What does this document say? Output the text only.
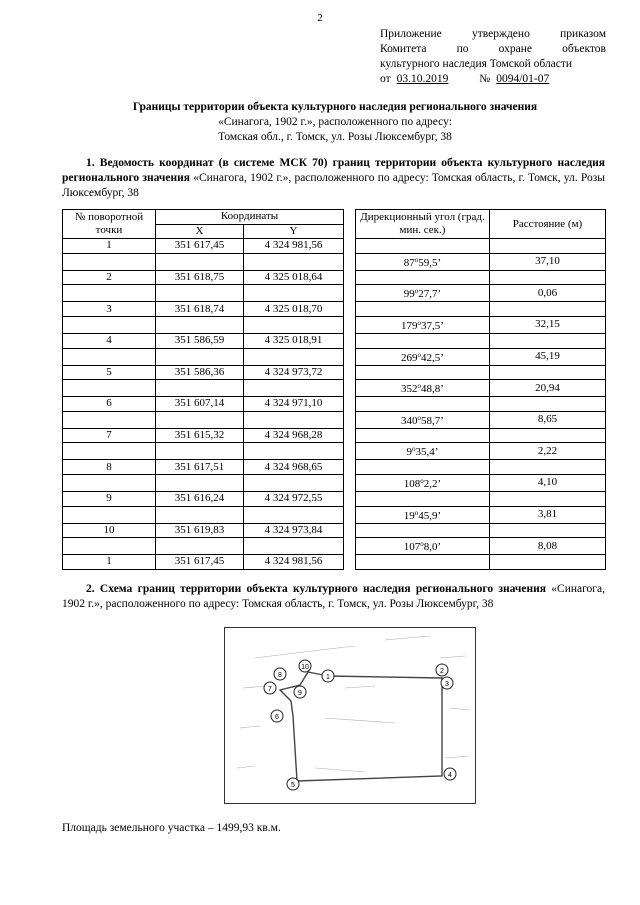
2
Приложение	утверждено	приказом
Комитета	по	охране	объектов
культурного наследия Томской области
от 03.10.2019	№ 0094/01-07
Границы территории объекта культурного наследия регионального значения
«Синагога, 1902 г.», расположенного по адресу:
Томская обл., г. Томск, ул. Розы Люксембург, 38
1. Ведомость координат (в системе МСК 70) границ территории объекта культурного наследия регионального значения «Синагога, 1902 г.», расположенного по адресу: Томская область, г. Томск, ул. Розы Люксембург, 38
№ поворотной точки	Координаты			Дирекционный угол (град. мин. сек.)	Расстояние (м)
	X	Y			
1	351 617,45	4 324 981,56			
				87$^o$59,5’	37,10
2	351 618,75	4 325 018,64			
				99$^o$27,7’	0,06
3	351 618,74	4 325 018,70			
				179$^o$37,5’	32,15
4	351 586,59	4 325 018,91			
				269$^o$42,5’	45,19
5	351 586,36	4 324 973,72			
				352$^o$48,8’	20,94
6	351 607,14	4 324 971,10			
				340$^o$58,7’	8,65
7	351 615,32	4 324 968,28			
				9$^o$35,4’	2,22
8	351 617,51	4 324 968,65			
				108$^o$2,2’	4,10
9	351 616,24	4 324 972,55			
				19$^o$45,9’	3,81
10	351 619,83	4 324 973,84			
				107$^o$8,0’	8,08
1	351 617,45	4 324 981,56			
2. Схема границ территории объекта культурного наследия регионального значения «Синагога, 1902 г.», расположенного по адресу: Томская область, г. Томск, ул. Розы Люксембург, 38
1
2
3
4
5
6
7
8
9
10
Площадь земельного участка – 1499,93 кв.м.
